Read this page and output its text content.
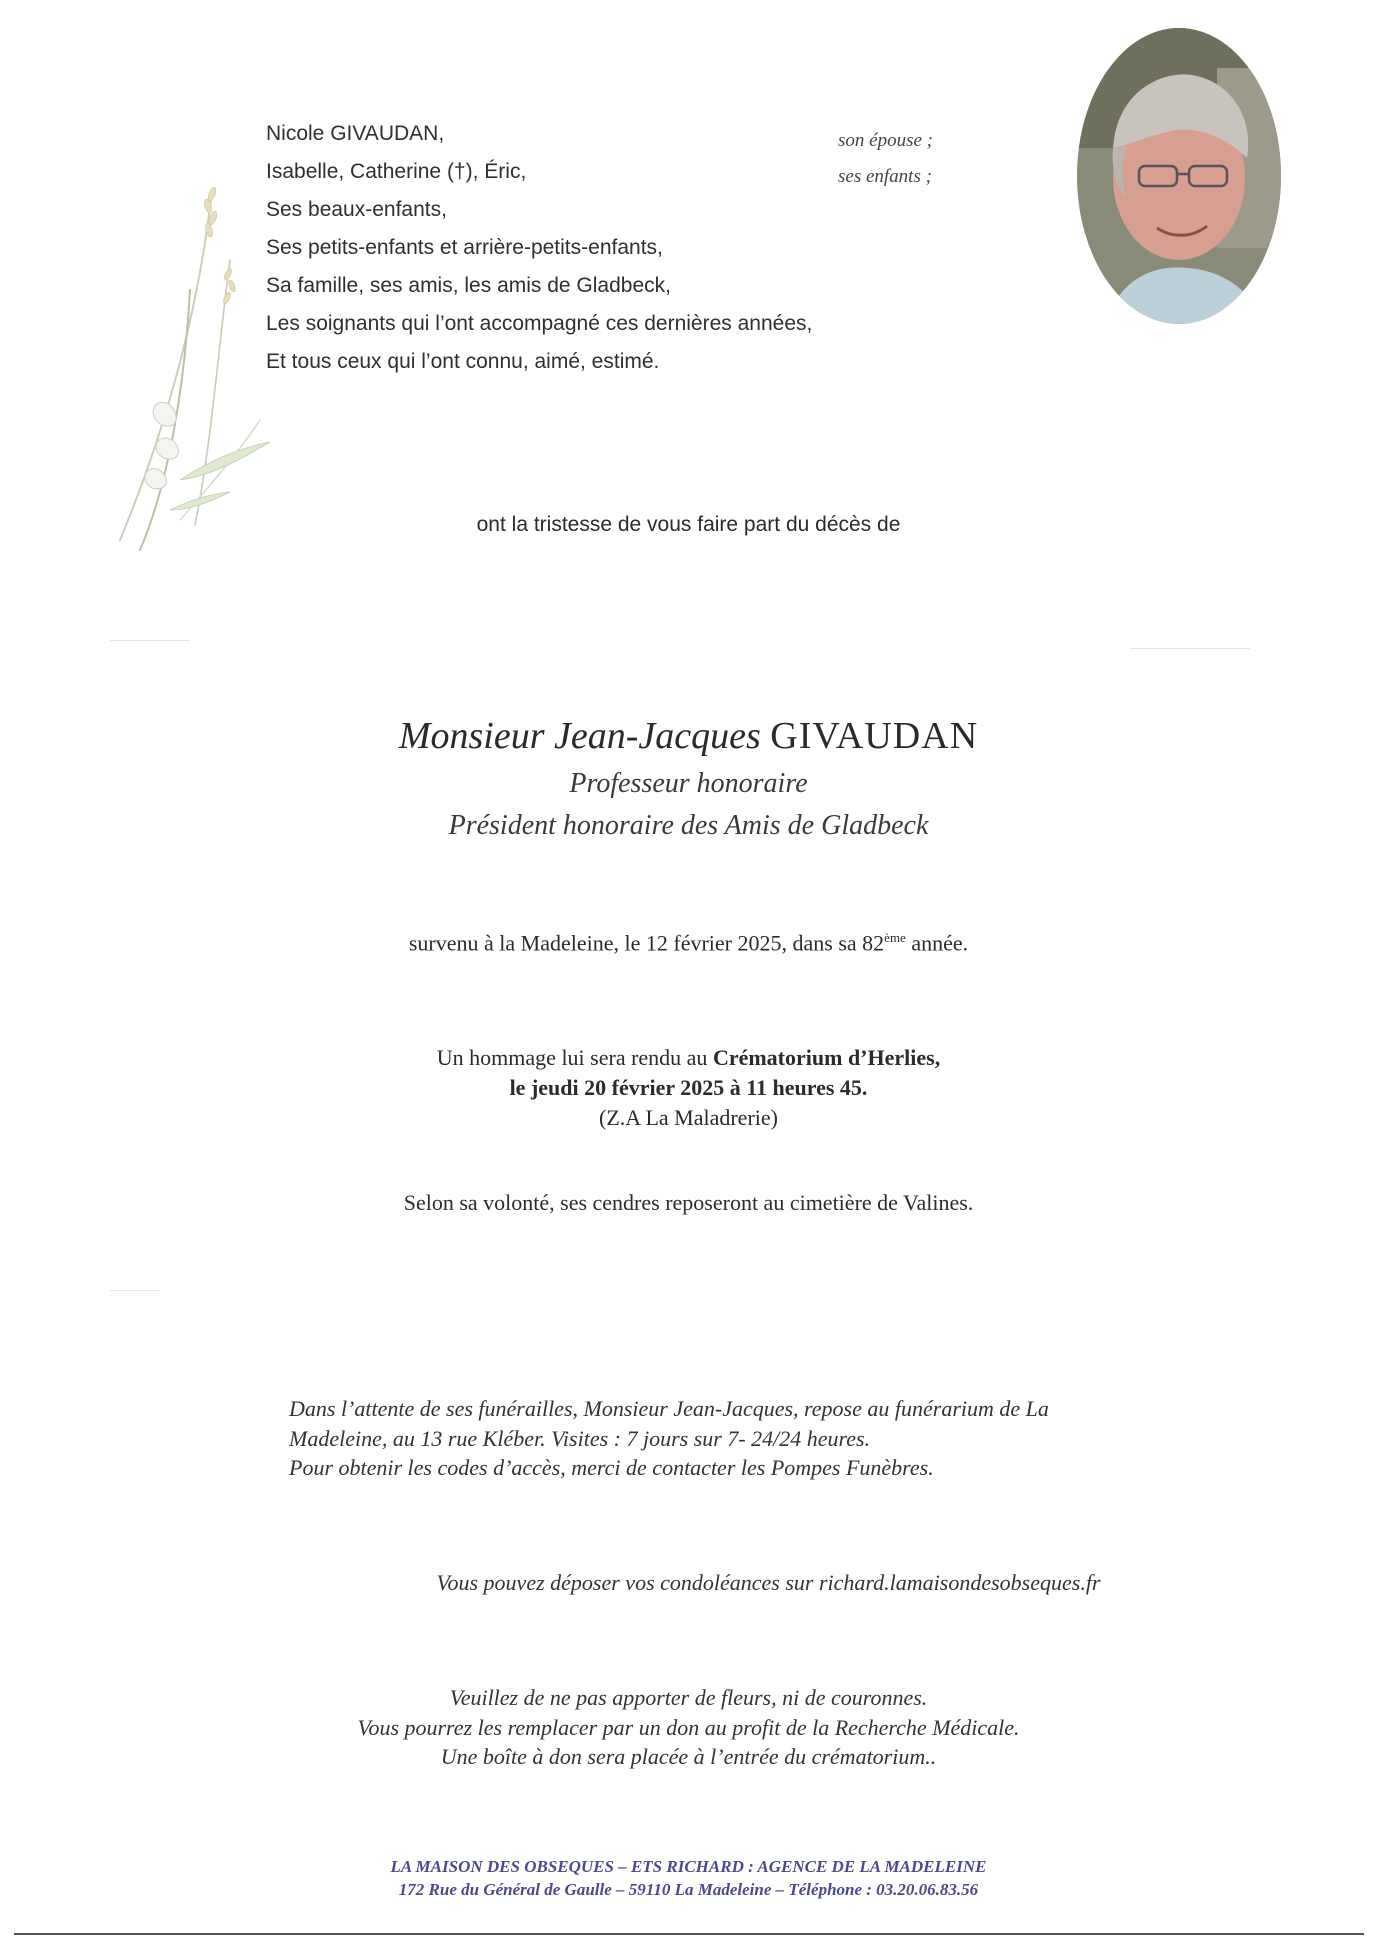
Nicole GIVAUDAN,
Isabelle, Catherine (†), Éric,
Ses beaux-enfants,
Ses petits-enfants et arrière-petits-enfants,
Sa famille, ses amis, les amis de Gladbeck,
Les soignants qui l’ont accompagné ces dernières années,
Et tous ceux qui l’ont connu, aimé, estimé.
son épouse ;
ses enfants ;
ont la tristesse de vous faire part du décès de
Monsieur Jean-Jacques GIVAUDAN
Professeur honoraire
Président honoraire des Amis de Gladbeck
survenu à la Madeleine, le 12 février 2025, dans sa 82ème année.
Un hommage lui sera rendu au Crématorium d’Herlies,
le jeudi 20 février 2025 à 11 heures 45.
(Z.A La Maladrerie)
Selon sa volonté, ses cendres reposeront au cimetière de Valines.
Dans l’attente de ses funérailles, Monsieur Jean-Jacques, repose au funérarium de La
Madeleine, au 13 rue Kléber. Visites : 7 jours sur 7- 24/24 heures.
Pour obtenir les codes d’accès, merci de contacter les Pompes Funèbres.
Vous pouvez déposer vos condoléances sur richard.lamaisondesobseques.fr
Veuillez de ne pas apporter de fleurs, ni de couronnes.
Vous pourrez les remplacer par un don au profit de la Recherche Médicale.
Une boîte à don sera placée à l’entrée du crématorium..
LA MAISON DES OBSEQUES – ETS RICHARD : AGENCE DE LA MADELEINE
172 Rue du Général de Gaulle – 59110 La Madeleine – Téléphone : 03.20.06.83.56
